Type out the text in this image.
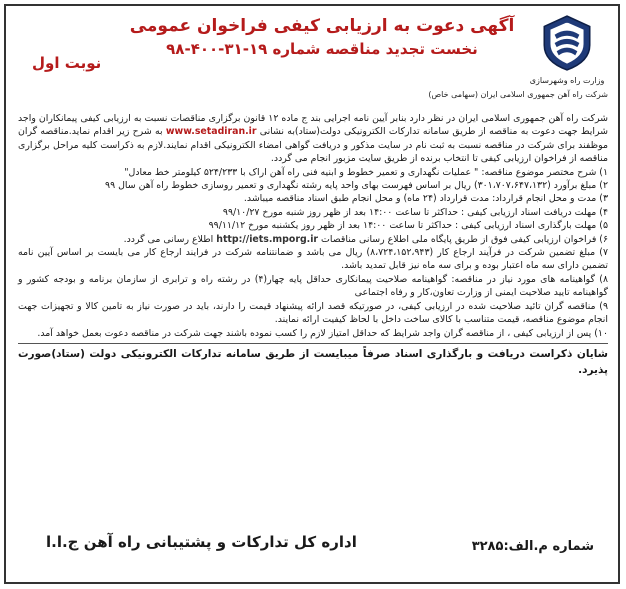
وزارت راه وشهرسازی
آگهی دعوت به ارزیابی کیفی فراخوان عمومی
نخست تجدید مناقصه شماره ۱۹-۳۱-۴۰۰-۹۸
نوبت اول
شرکت راه آهن جمهوری اسلامی ایران (سهامی خاص)

شرکت راه آهن جمهوری اسلامی ایران در نظر دارد بنابر آیین نامه اجرایی بند ج ماده ۱۲ قانون برگزاری مناقصات نسبت به ارزیابی کیفی پیمانکاران واجد شرایط جهت دعوت به مناقصه از طریق سامانه تدارکات الکترونیکی دولت(ستاد)به نشانی www.setadiran.ir به شرح زیر اقدام نماید.مناقصه گران موظفند برای شرکت در مناقصه نسبت به ثبت نام در سایت مذکور و دریافت گواهی امضاء الکترونیکی اقدام نمایند.لازم به ذکراست کلیه مراحل برگزاری مناقصه از فراخوان ارزیابی کیفی تا انتخاب برنده از طریق سایت مزبور انجام می گردد.

۱) شرح مختصر موضوع مناقصه: " عملیات نگهداری و تعمیر خطوط و ابنیه فنی راه آهن اراک با ۵۲۴/۲۳۳ کیلومتر خط معادل"

۲) مبلغ برآورد (۳۰۱،۷۰۷،۶۴۷،۱۳۲) ریال بر اساس فهرست بهای واحد پایه رشته نگهداری و تعمیر روسازی خطوط راه آهن سال ۹۹

۳) مدت و محل انجام قرارداد: مدت قرارداد (۲۴ ماه) و محل انجام طبق اسناد مناقصه میباشد.

۴) مهلت دریافت اسناد ارزیابی کیفی : حداکثر تا ساعت ۱۴:۰۰ بعد از ظهر روز شنبه مورخ ۹۹/۱۰/۲۷

۵) مهلت بارگذاری اسناد ارزیابی کیفی : حداکثر تا ساعت ۱۴:۰۰ بعد از ظهر روز یکشنبه مورخ ۹۹/۱۱/۱۲

۶) فراخوان ارزیابی کیفی فوق از طریق پایگاه ملی اطلاع رسانی مناقصات http://iets.mporg.ir اطلاع رسانی می گردد.

۷) مبلغ تضمین شرکت در فرآیند ارجاع کار (۸،۷۲۴،۱۵۲،۹۴۳) ریال می باشد و ضمانتنامه شرکت در فرایند ارجاع کار می بایست بر اساس آیین نامه تضمین دارای سه ماه اعتبار بوده و برای سه ماه نیز قابل تمدید باشد.

۸) گواهینامه های مورد نیاز در مناقصه: گواهینامه صلاحیت پیمانکاری حداقل پایه چهار(۴) در رشته راه و ترابری از سازمان برنامه و بودجه کشور و گواهینامه تایید صلاحیت ایمنی از وزارت تعاون،کار و رفاه اجتماعی

۹) مناقصه گران تائید صلاحیت شده در ارزیابی کیفی، در صورتیکه قصد ارائه پیشنهاد قیمت را دارند، باید در صورت نیاز به تامین کالا و تجهیزات جهت انجام موضوع مناقصه، قیمت متناسب با کالای ساخت داخل با لحاظ کیفیت ارائه نمایند.

۱۰) پس از ارزیابی کیفی ، از مناقصه گران واجد شرایط که حداقل امتیاز لازم را کسب نموده باشند جهت شرکت در مناقصه دعوت بعمل خواهد آمد.

شایان ذکراست دریافت و بارگذاری اسناد صرفاً میبایست از طریق سامانه تدارکات الکترونیکی دولت (ستاد)صورت پذیرد.

شماره م.الف:۳۲۸۵
اداره کل تدارکات و پشتیبانی راه آهن ج.ا.ا
